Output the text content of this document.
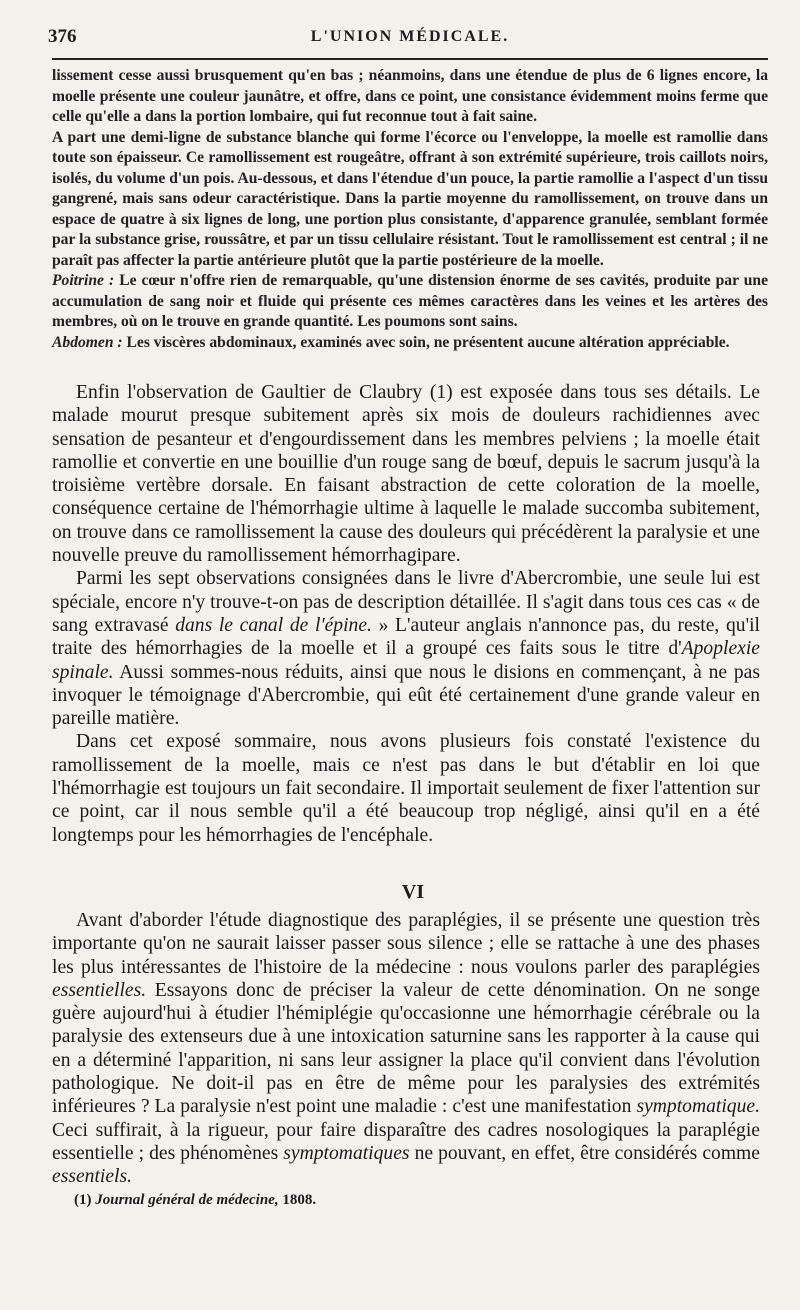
376	L'UNION MÉDICALE.

lissement cesse aussi brusquement qu'en bas ; néanmoins, dans une étendue de plus de 6 lignes encore, la moelle présente une couleur jaunâtre, et offre, dans ce point, une consistance évidemment moins ferme que celle qu'elle a dans la portion lombaire, qui fut reconnue tout à fait saine.

A part une demi-ligne de substance blanche qui forme l'écorce ou l'enveloppe, la moelle est ramollie dans toute son épaisseur. Ce ramollissement est rougeâtre, offrant à son extrémité supérieure, trois caillots noirs, isolés, du volume d'un pois. Au-dessous, et dans l'étendue d'un pouce, la partie ramollie a l'aspect d'un tissu gangrené, mais sans odeur caractéristique. Dans la partie moyenne du ramollissement, on trouve dans un espace de quatre à six lignes de long, une portion plus consistante, d'apparence granulée, semblant formée par la substance grise, roussâtre, et par un tissu cellulaire résistant. Tout le ramollissement est central ; il ne paraît pas affecter la partie antérieure plutôt que la partie postérieure de la moelle.

Poitrine : Le cœur n'offre rien de remarquable, qu'une distension énorme de ses cavités, produite par une accumulation de sang noir et fluide qui présente ces mêmes caractères dans les veines et les artères des membres, où on le trouve en grande quantité. Les poumons sont sains.

Abdomen : Les viscères abdominaux, examinés avec soin, ne présentent aucune altération appréciable.

Enfin l'observation de Gaultier de Claubry (1) est exposée dans tous ses détails. Le malade mourut presque subitement après six mois de douleurs rachidiennes avec sensation de pesanteur et d'engourdissement dans les membres pelviens ; la moelle était ramollie et convertie en une bouillie d'un rouge sang de bœuf, depuis le sacrum jusqu'à la troisième vertèbre dorsale. En faisant abstraction de cette coloration de la moelle, conséquence certaine de l'hémorrhagie ultime à laquelle le malade succomba subitement, on trouve dans ce ramollissement la cause des douleurs qui précédèrent la paralysie et une nouvelle preuve du ramollissement hémorrhagipare.

Parmi les sept observations consignées dans le livre d'Abercrombie, une seule lui est spéciale, encore n'y trouve-t-on pas de description détaillée. Il s'agit dans tous ces cas « de sang extravasé dans le canal de l'épine. » L'auteur anglais n'annonce pas, du reste, qu'il traite des hémorrhagies de la moelle et il a groupé ces faits sous le titre d'Apoplexie spinale. Aussi sommes-nous réduits, ainsi que nous le disions en commençant, à ne pas invoquer le témoignage d'Abercrombie, qui eût été certainement d'une grande valeur en pareille matière.

Dans cet exposé sommaire, nous avons plusieurs fois constaté l'existence du ramollissement de la moelle, mais ce n'est pas dans le but d'établir en loi que l'hémorrhagie est toujours un fait secondaire. Il importait seulement de fixer l'attention sur ce point, car il nous semble qu'il a été beaucoup trop négligé, ainsi qu'il en a été longtemps pour les hémorrhagies de l'encéphale.

VI

Avant d'aborder l'étude diagnostique des paraplégies, il se présente une question très importante qu'on ne saurait laisser passer sous silence ; elle se rattache à une des phases les plus intéressantes de l'histoire de la médecine : nous voulons parler des paraplégies essentielles. Essayons donc de préciser la valeur de cette dénomination. On ne songe guère aujourd'hui à étudier l'hémiplégie qu'occasionne une hémorrhagie cérébrale ou la paralysie des extenseurs due à une intoxication saturnine sans les rapporter à la cause qui en a déterminé l'apparition, ni sans leur assigner la place qu'il convient dans l'évolution pathologique. Ne doit-il pas en être de même pour les paralysies des extrémités inférieures ? La paralysie n'est point une maladie : c'est une manifestation symptomatique. Ceci suffirait, à la rigueur, pour faire disparaître des cadres nosologiques la paraplégie essentielle ; des phénomènes symptomatiques ne pouvant, en effet, être considérés comme essentiels.

(1) Journal général de médecine, 1808.
